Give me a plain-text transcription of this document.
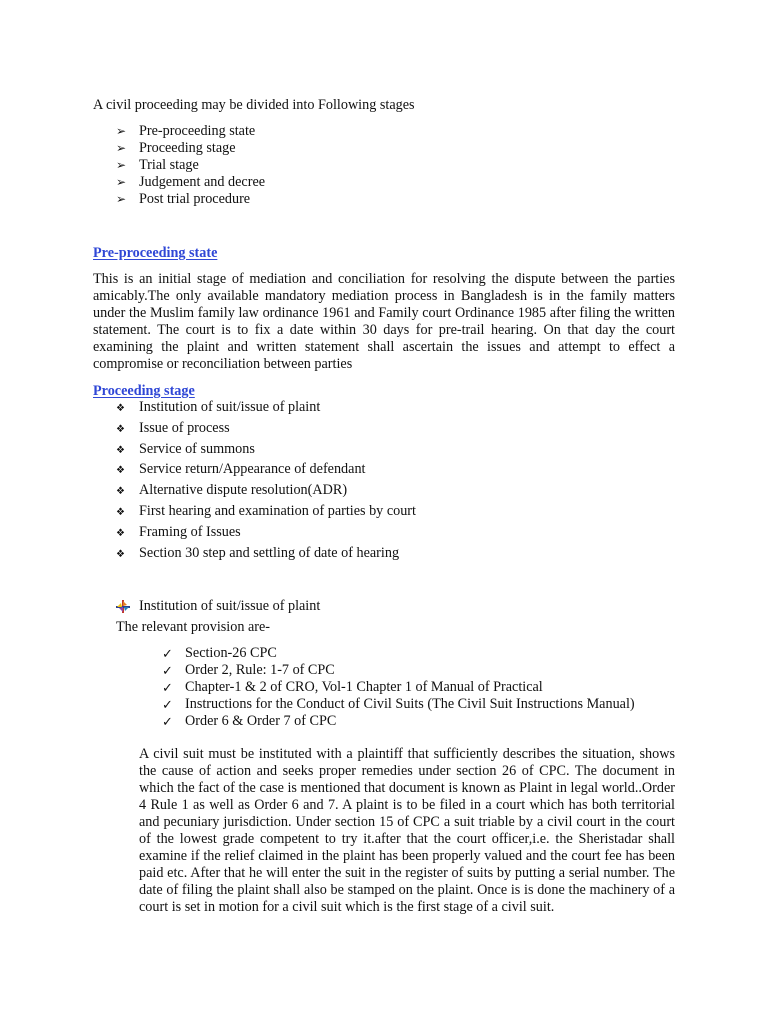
A civil proceeding may be divided into Following stages
➢ Pre-proceeding state
➢ Proceeding stage
➢ Trial stage
➢ Judgement and decree
➢ Post trial procedure
Pre-proceeding state
This is an initial stage of mediation and conciliation for resolving the dispute between the parties amicably.The only available mandatory mediation process in Bangladesh is in the family matters under the Muslim family law ordinance 1961 and Family court Ordinance 1985 after filing the written statement. The court is to fix a date within 30 days for pre-trail hearing. On that day the court examining the plaint and written statement shall ascertain the issues and attempt to effect a compromise or reconciliation between parties
Proceeding stage
❖ Institution of suit/issue of plaint
❖ Issue of process
❖ Service of summons
❖ Service return/Appearance of defendant
❖ Alternative dispute resolution(ADR)
❖ First hearing and examination of parties by court
❖ Framing of Issues
❖ Section 30 step and settling of date of hearing
Institution of suit/issue of plaint
The relevant provision are-
✓ Section-26 CPC
✓ Order 2, Rule: 1-7 of CPC
✓ Chapter-1 & 2 of CRO, Vol-1 Chapter 1 of Manual of Practical
✓ Instructions for the Conduct of Civil Suits (The Civil Suit Instructions Manual)
✓ Order 6 & Order 7 of CPC
A civil suit must be instituted with a plaintiff that sufficiently describes the situation, shows the cause of action and seeks proper remedies under section 26 of CPC. The document in which the fact of the case is mentioned that document is known as Plaint in legal world..Order 4 Rule 1 as well as Order 6 and 7. A plaint is to be filed in a court which has both territorial and pecuniary jurisdiction. Under section 15 of CPC a suit triable by a civil court in the court of the lowest grade competent to try it.after that the court officer,i.e. the Sheristadar shall examine if the relief claimed in the plaint has been properly valued and the court fee has been paid etc. After that he will enter the suit in the register of suits by putting a serial number. The date of filing the plaint shall also be stamped on the plaint. Once is is done the machinery of a court is set in motion for a civil suit which is the first stage of a civil suit.
